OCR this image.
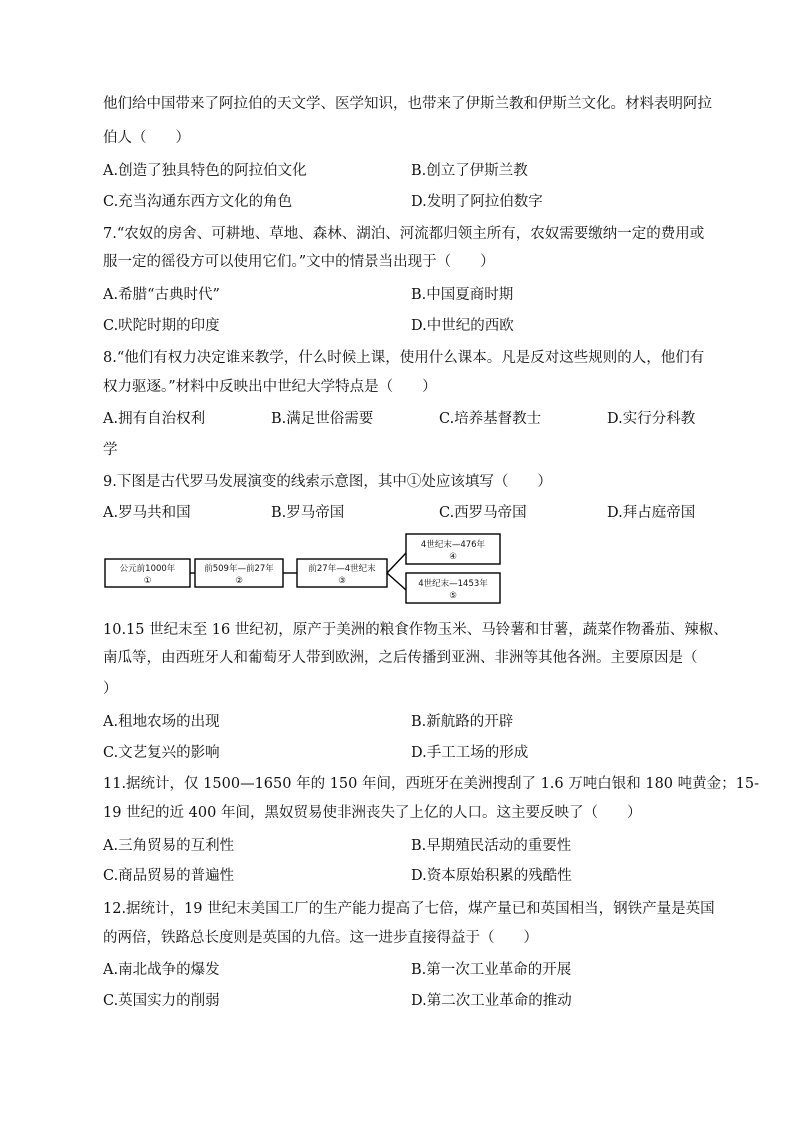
他们给中国带来了阿拉伯的天文学、医学知识，也带来了伊斯兰教和伊斯兰文化。材料表明阿拉
伯人（　　）
A.创造了独具特色的阿拉伯文化	B.创立了伊斯兰教
C.充当沟通东西方文化的角色	D.发明了阿拉伯数字
7.“农奴的房舍、可耕地、草地、森林、湖泊、河流都归领主所有，农奴需要缴纳一定的费用或
服一定的徭役方可以使用它们。”文中的情景当出现于（　　）
A.希腊“古典时代”	B.中国夏商时期
C.吠陀时期的印度	D.中世纪的西欧
8.“他们有权力决定谁来教学，什么时候上课，使用什么课本。凡是反对这些规则的人，他们有
权力驱逐。”材料中反映出中世纪大学特点是（　　）
A.拥有自治权利	B.满足世俗需要	C.培养基督教士	D.实行分科教
学
9.下图是古代罗马发展演变的线索示意图，其中①处应该填写（　　）
A.罗马共和国	B.罗马帝国	C.西罗马帝国	D.拜占庭帝国
公元前1000年
①
前509年—前27年
②
前27年—4世纪末
③
4世纪末—476年
④
4世纪末—1453年
⑤
10.15 世纪末至 16 世纪初，原产于美洲的粮食作物玉米、马铃薯和甘薯，蔬菜作物番茄、辣椒、
南瓜等，由西班牙人和葡萄牙人带到欧洲，之后传播到亚洲、非洲等其他各洲。主要原因是（
）
A.租地农场的出现	B.新航路的开辟
C.文艺复兴的影响	D.手工工场的形成
11.据统计，仅 1500—1650 年的 150 年间，西班牙在美洲搜刮了 1.6 万吨白银和 180 吨黄金；15-
19 世纪的近 400 年间，黑奴贸易使非洲丧失了上亿的人口。这主要反映了（　　）
A.三角贸易的互利性	B.早期殖民活动的重要性
C.商品贸易的普遍性	D.资本原始积累的残酷性
12.据统计，19 世纪末美国工厂的生产能力提高了七倍，煤产量已和英国相当，钢铁产量是英国
的两倍，铁路总长度则是英国的九倍。这一进步直接得益于（　　）
A.南北战争的爆发	B.第一次工业革命的开展
C.英国实力的削弱	D.第二次工业革命的推动
